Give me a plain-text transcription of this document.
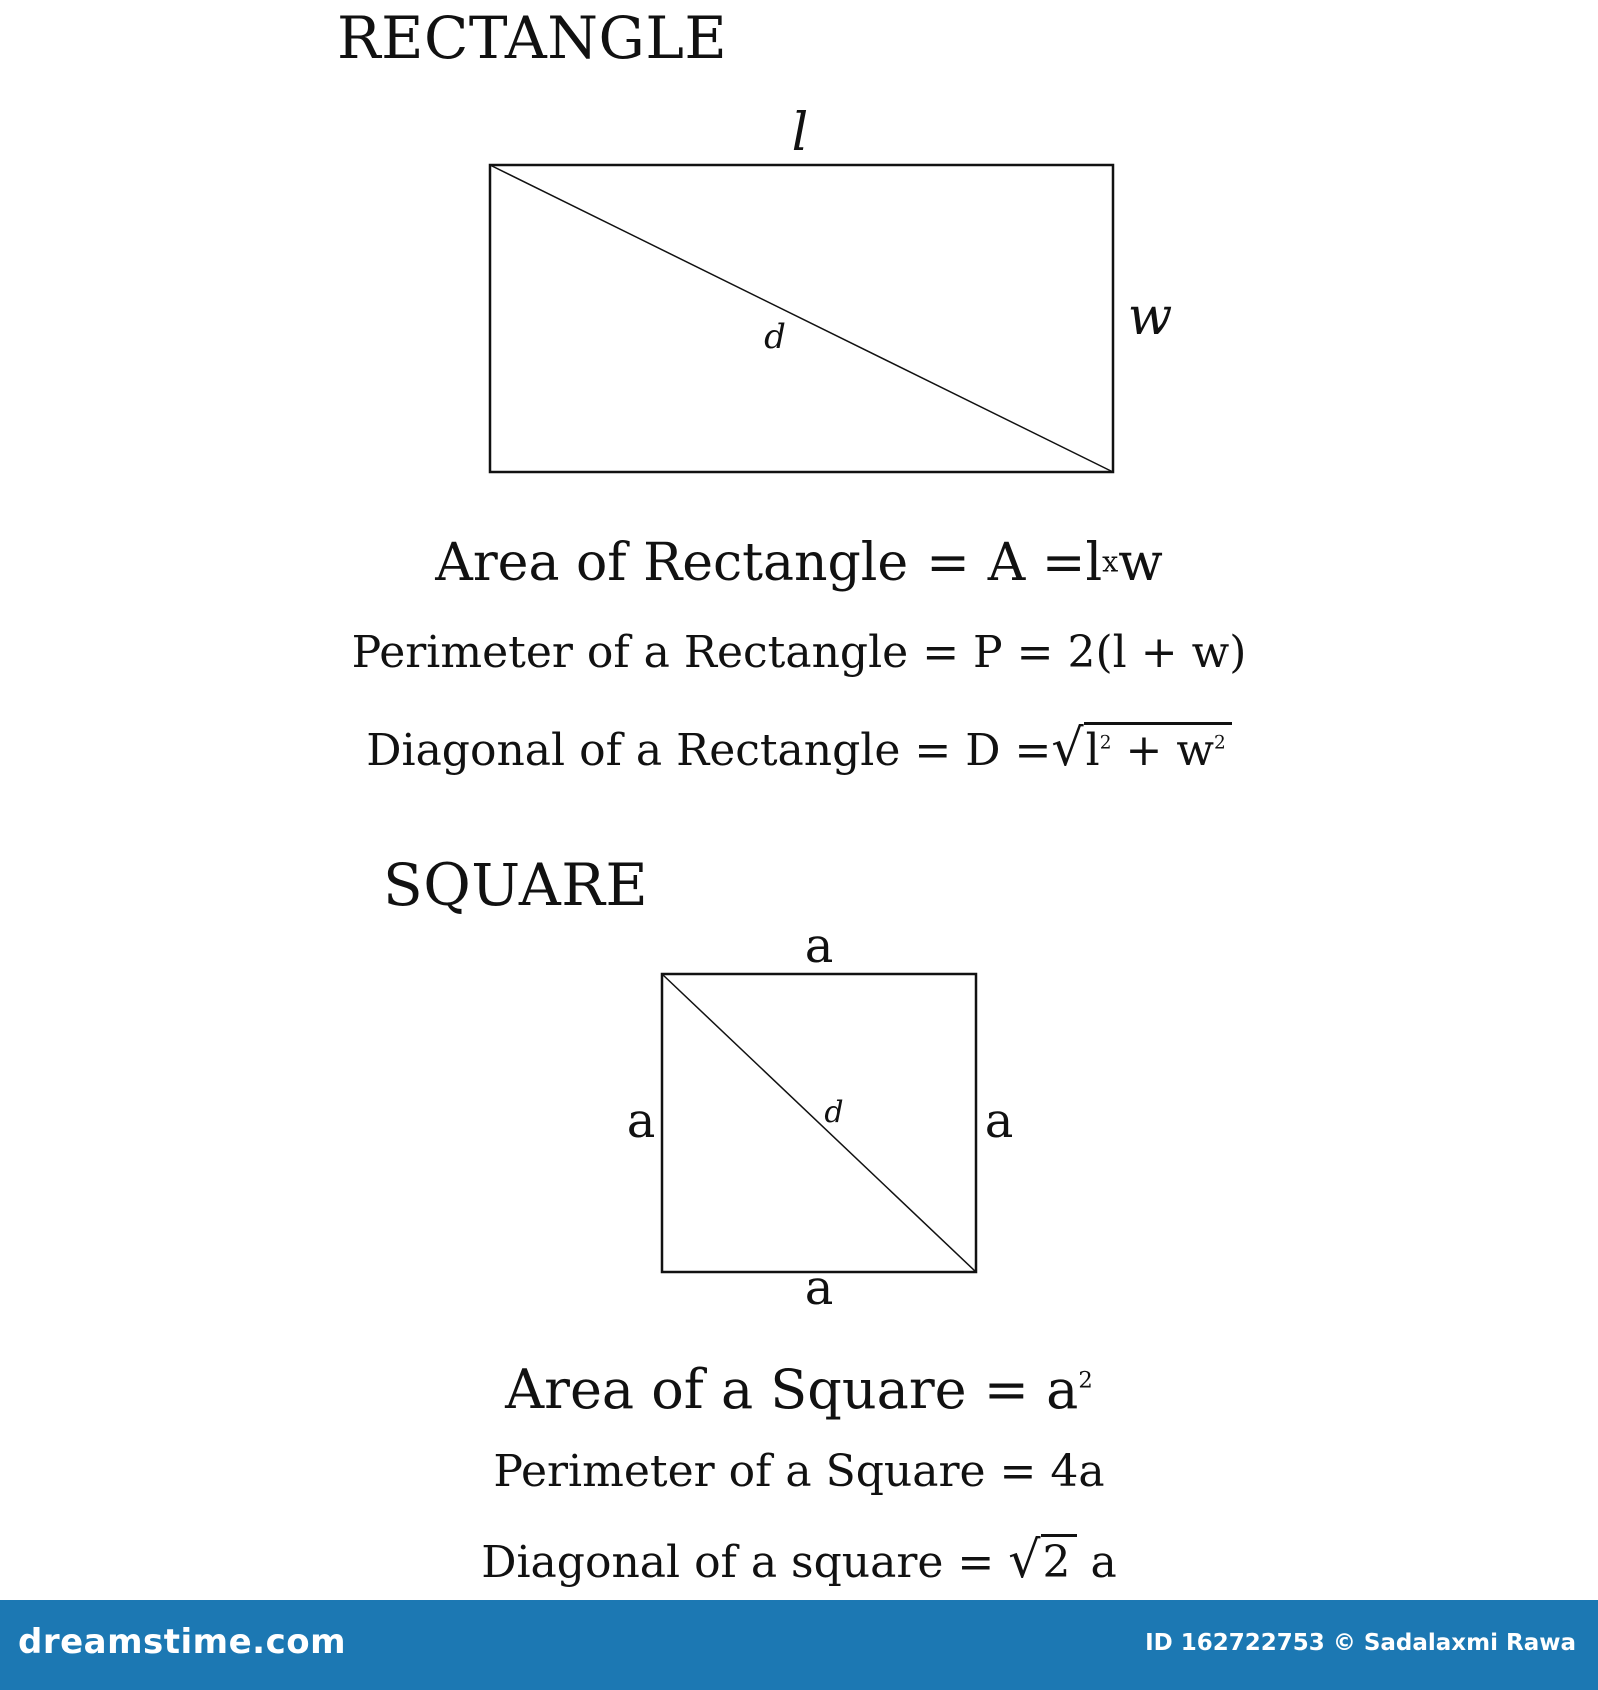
RECTANGLE
l
w
d
a
a	a
a
d
Area of Rectangle = A =lxw
Perimeter of a Rectangle = P = 2(l + w)
Diagonal of a Rectangle = $D =√l^2 + w^2$
SQUARE
Area of a Square = $a^2$
Perimeter of a Square = 4a
Diagonal of a square = √2 a
dreamstime.com	ID 162722753 © Sadalaxmi Rawa
